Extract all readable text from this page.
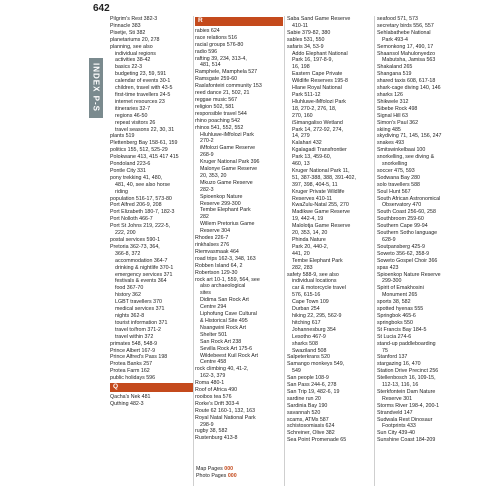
642
INDEX P-S
Pilgrim's Rest 382-3
Pinnacle 383
Pisetje, Sti 382
planetariums 20, 278
planning, see also
individual regions
activities 38-42
basics 22-3
budgeting 23, 59, 591
calendar of events 30-1
children, travel with 43-5
first-time travellers 24-5
internet resources 23
itineraries 32-7
regions 46-50
repeat visitors 26
travel seasons 22, 30, 31
plants 519
Plettenberg Bay 158-61, 159
politics 155, 512, 525-29
Polokwane 413, 415 417 415
Pondoland 223-6
Pontle City 331
pony trekking 41, 480,
481, 40, see also horse
riding
population 516-17, 573-80
Port Alfred 206-9, 208
Port Elizabeth 180-7, 182-3
Port Nolloth 466-7
Port St Johns 219, 222-5,
222, 200
postal services 590-1
Pretoria 362-73, 364,
366-8, 372
accommodation 364-7
drinking & nightlife 370-1
emergency services 371
festivals & events 364
food 367-70
history 362
LGBT travellers 370
medical services 371
nights 362-8
tourist information 371
travel to/from 371-2
travel within 372
primates 548, 548-9
Prince Albert 167-9
Prince Alfred's Pass 198
Protea Banks 257
Protea Farm 162
public holidays 596
Q
Qacha's Nek 481
Quthing 482-3
R
rabies 624
race relations 516
racial groups 576-80
radio 596
rafting 39, 234, 313-4,
481, 514
Ramphele, Mamphela 527
Ramsgate 259-60
Raslafonteiri community 153
reed dance 21, 502, 21
reggae music 567
religion 502, 581
responsible travel 544
rhino poaching 542
rhinos 541, 552, 552
Hluhluwe-iMfolozi Park
270-2
iMfolozi Game Reserve
268-9
Kruger National Park 396
Malonye Game Reserve
20, 353, 20
Mkuzo Game Reserve
282-3
Spioenkop Nature
Reserve 299-300
Tembe Elephant Park
282
Willem Pretorius Game
Reserve 304
Rhodes 226-7
rinkhalses 276
Riemvasmaak 464
road trips 162-3, 348, 163
Robben Island 64, 2
Robertson 129-30
rock art 10-1, 559, 564, see
also archaeological
sites
Didima San Rock Art
Centre 294
Liphofung Cave Cultural
& Historical Site 495
Nsangwini Rock Art
Shelter 501
San Rock Art 238
Sevilla Rock Art 175-6
Wildebeest Kuil Rock Art
Centre 458
rock climbing 40, 41-2,
162-3, 379
Roma 480-1
Roof of Africa 490
rooibos tea 576
Rorke's Drift 303-4
Route 62 160-1, 132, 163
Royal Natal National Park
298-9
rugby 38, 582
Rustenburg 413-8
Saba Sand Game Reserve
410-11
Sabie 379-82, 380
sables 531, 550
safaris 34, 53-9
Addo Elephant National
Park 16, 197-8-9,
16, 198
Eastern Cape Private
Wildlife Reserves 195-8
Hlane Royal National
Park 511-12
Hluhluwe-iMfolozi Park
18, 270-2, 276, 18,
270, 160
iSimangaliso Wetland
Park 14, 272-92, 274,
14, 279
Kalahari 432
Kgalagadi Transfrontier
Park 13, 459-60,
460, 13
Kruger National Park 11,
51, 387-388, 388, 391-402,
397, 398, 404-5, 11
Kruger Private Wildlife
Reserves 410-11
KwaZulu-Natal 255, 270
Madikwe Game Reserve
19, 442-4, 19
Malolotja Game Reserve
20, 353, 14, 20
Phinda Nature
Park 20, 440-2,
441, 20
Tembe Elephant Park
282, 283
safety 588-9, see also
individual locations
car & motorcycle travel
576, 615-16
Cape Town 109
Durban 254
hiking 22, 295, 562-9
hitching 617
Johannesburg 354
Lesotho 467-9
sharks 508
Swaziland 508
Salpeterkrans 520
Samango monkeys 549,
549
San people 108-9
San Pass 244-6, 278
San Trip 19, 482-6, 19
sardine run 20
Sardinia Bay 190
savannah 520
scams, ATMs 587
schistosomiasis 624
Schreiner, Olive 382
Sea Point Promenade 65
seafood 571, 573
secretary birds 556, 557
Sehlabathebe National
Park 493-4
Semonkong 17, 490, 17
Shaansol Mahulonyedzo
Mabutsha, Jamisa 563
Shakaland 265
Shangana 519
shared taxis 608, 617-18
shark-cage diving 140, 146
sharks 126
Shikwele 312
Sibebe Rock 498
Signal Hill 63
Simon's Paul 362
skiing 485
skydiving 71, 145, 156, 247
snakes 493
Smitswinkelbaai 100
snorkelling, see diving &
snorkelling
soccer 475, 593
Sodwana Bay 280
solo travellers 588
Soul Hunt 567
South African Astronomical
Observatory 470
South Coast 256-60, 258
Southbroom 259-60
Southern Cape 99-94
Southern Sotho language
628-9
Soutpansberg 425-9
Soweto 356-62, 358-9
Soweto Gospel Choir 366
spas 423
Spioenkop Nature Reserve
299-300
Spirit of Emakhosini
Monument 265
sports 38, 582
spotted hyenas 555
Springbok 465-6
springboks 550
St Francis Bay 184-5
St Lucia 274-6
stand-up paddleboarding
75
Stanford 137
stargazing 16, 470
Station Drive Precinct 256
Stellenbosch 16, 109-15,
112-13, 116, 16
Sterkfontein Dam Nature
Reserve 301
Storms River 198-4, 200-1
Strandveld 147
Sudwala Rest Dinosaur
Footprints 433
Sun City 439-40
Sunshine Coast 184-209
Map Pages 000
Photo Pages 000
